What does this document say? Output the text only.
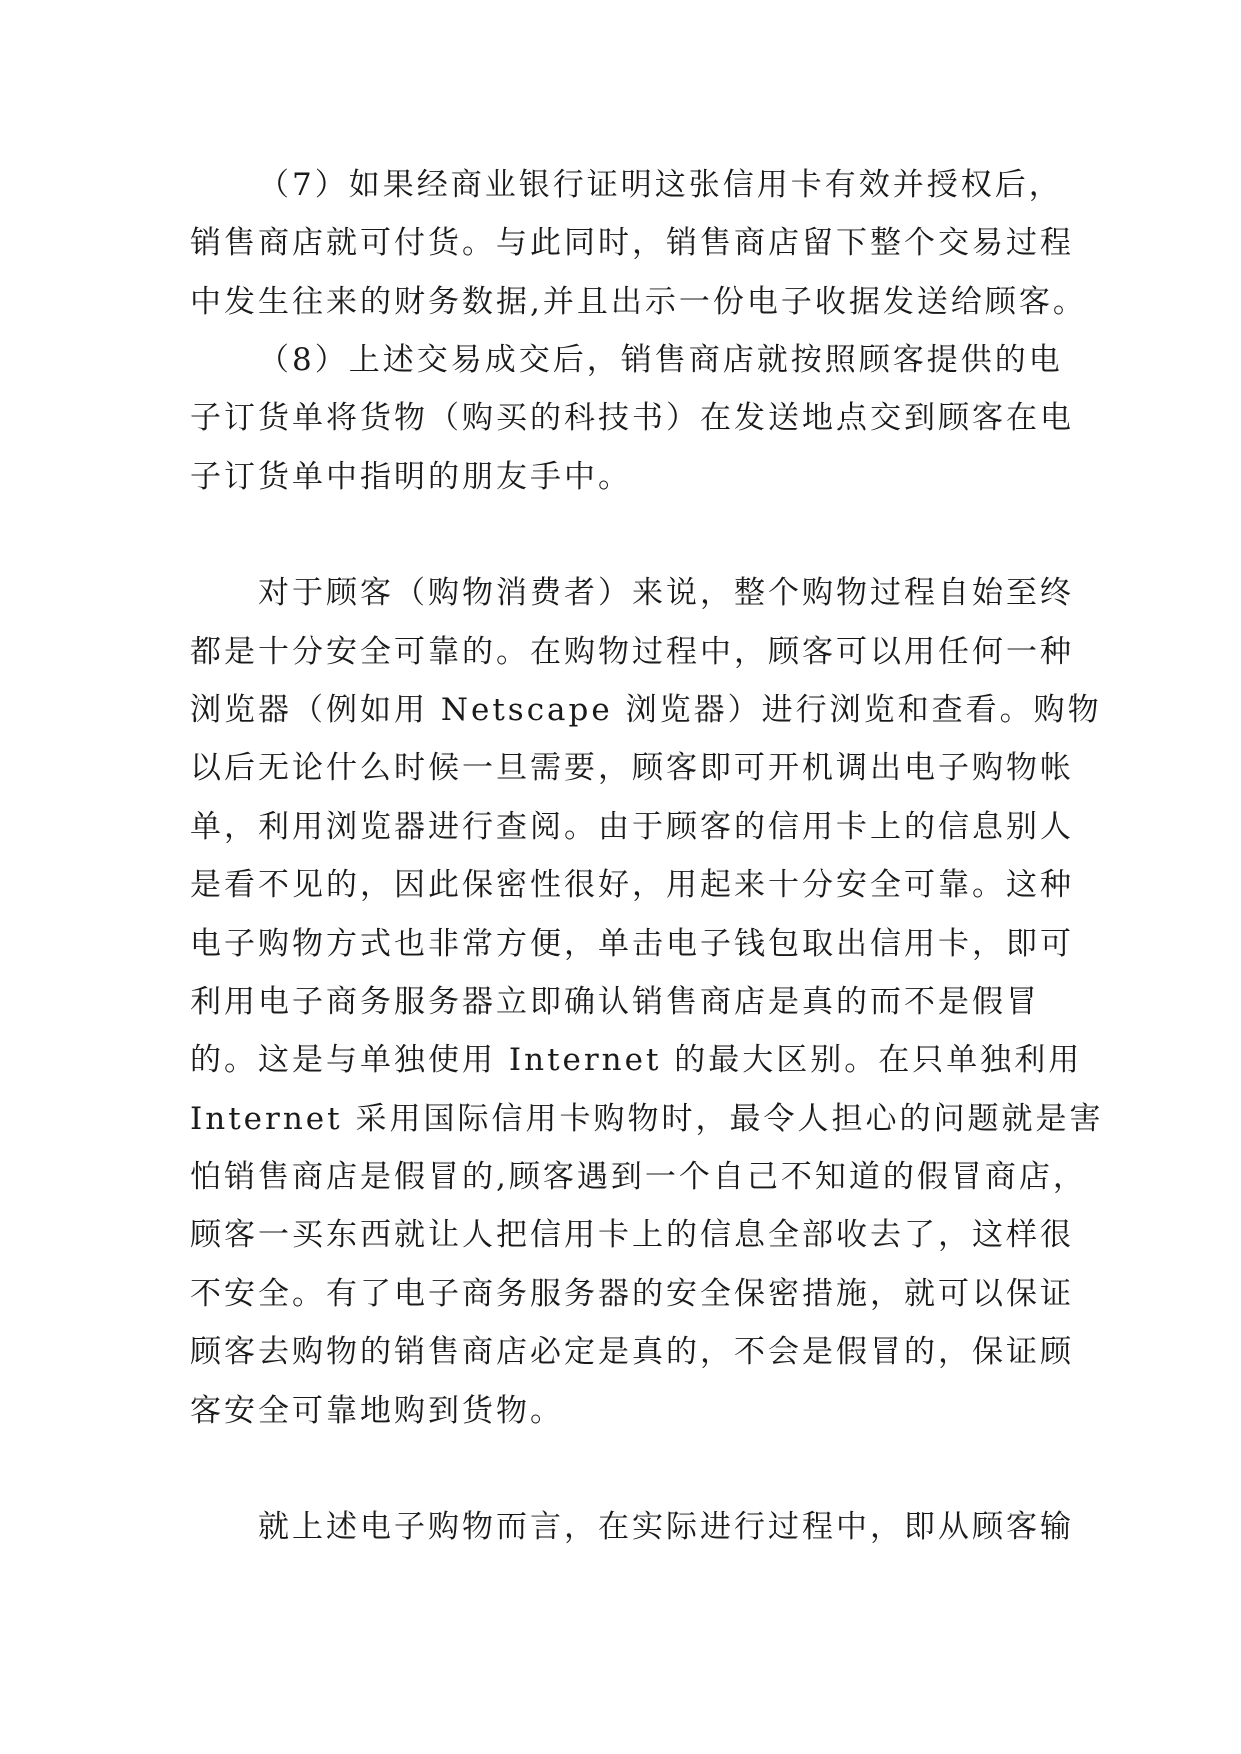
（7）如果经商业银行证明这张信用卡有效并授权后，
销售商店就可付货。与此同时，销售商店留下整个交易过程
中发生往来的财务数据,并且出示一份电子收据发送给顾客。
（8）上述交易成交后，销售商店就按照顾客提供的电
子订货单将货物（购买的科技书）在发送地点交到顾客在电
子订货单中指明的朋友手中。
对于顾客（购物消费者）来说，整个购物过程自始至终
都是十分安全可靠的。在购物过程中，顾客可以用任何一种
浏览器（例如用 Netscape 浏览器）进行浏览和查看。购物
以后无论什么时候一旦需要，顾客即可开机调出电子购物帐
单，利用浏览器进行查阅。由于顾客的信用卡上的信息别人
是看不见的，因此保密性很好，用起来十分安全可靠。这种
电子购物方式也非常方便，单击电子钱包取出信用卡，即可
利用电子商务服务器立即确认销售商店是真的而不是假冒
的。这是与单独使用 Internet 的最大区别。在只单独利用
Internet 采用国际信用卡购物时，最令人担心的问题就是害
怕销售商店是假冒的,顾客遇到一个自己不知道的假冒商店，
顾客一买东西就让人把信用卡上的信息全部收去了，这样很
不安全。有了电子商务服务器的安全保密措施，就可以保证
顾客去购物的销售商店必定是真的，不会是假冒的，保证顾
客安全可靠地购到货物。
就上述电子购物而言，在实际进行过程中，即从顾客输
